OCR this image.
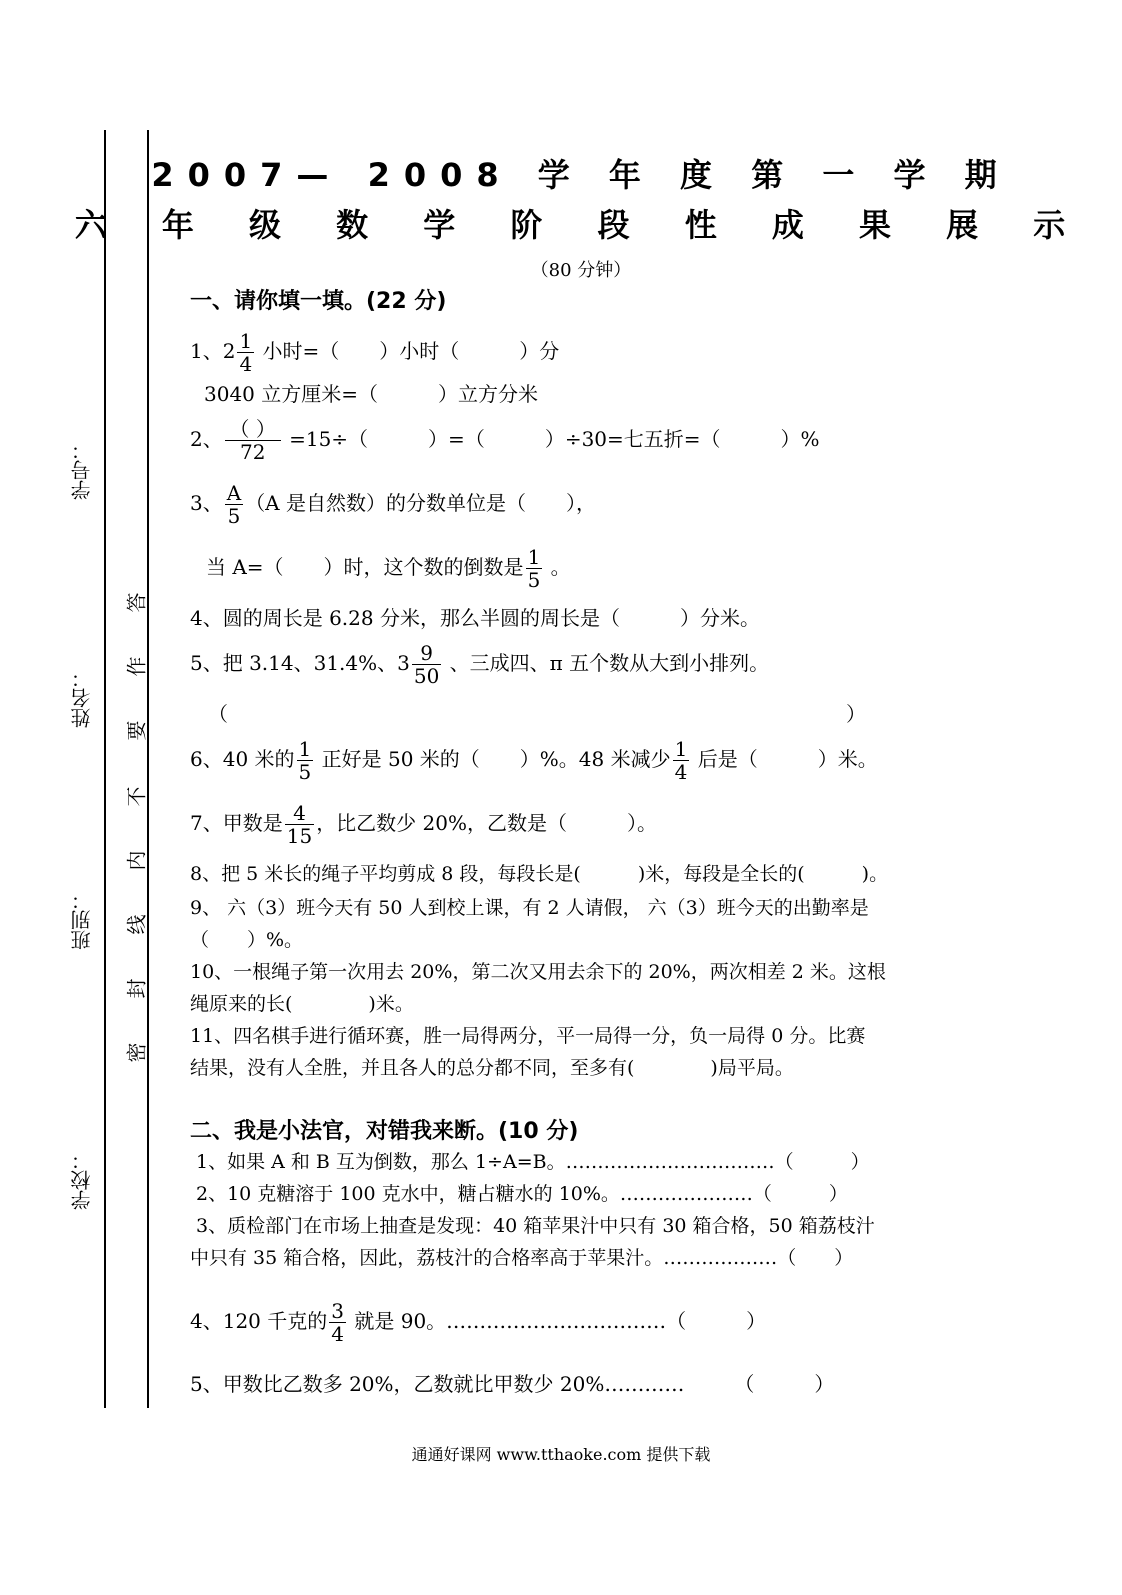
学号：
姓名：
班别：
学校：
答
作
要
不
内
线
封
密
2007— 2008 学 年 度 第 一 学 期
六 年 级 数 学 阶 段 性 成 果 展 示
（80 分钟）
一、请你填一填。(22 分)
1、$2 \frac{1}{4}$ 小时=（　　）小时（　　　）分
3040 立方厘米=（　　　）立方分米
2、 $\frac{( )}{72} =15\div$（　　　）=（　　　）÷30=七五折=（　　　）%
3、 $\frac{A}{5} (A$ 是自然数）的分数单位是（　　），
当 A=（　　）时，这个数的倒数是 $\frac{1}{5}$ 。
4、圆的周长是 6.28 分米，那么半圆的周长是（　　　）分米。
5、把 3.14、31.4%、$3 \frac{9}{50}$ 、三成四、π 五个数从大到小排列。
（	）
6、40 米的 $\frac{1}{5}$ 正好是 50 米的（　　）%。48 米减少 $\frac{1}{4}$ 后是（　　　）米。
7、甲数是 $\frac{4}{15}$ ，比乙数少 20%，乙数是（　　　）。
8、把 5 米长的绳子平均剪成 8 段，每段长是(　　　)米，每段是全长的(　　　)。
9、 六（3）班今天有 50 人到校上课，有 2 人请假， 六（3）班今天的出勤率是
（　　）%。
10、一根绳子第一次用去 20%，第二次又用去余下的 20%，两次相差 2 米。这根
绳原来的长(　　　　)米。
11、四名棋手进行循环赛，胜一局得两分，平一局得一分，负一局得 0 分。比赛
结果，没有人全胜，并且各人的总分都不同，至多有(　　　　)局平局。
二、我是小法官，对错我来断。(10 分)
1、如果 A 和 B 互为倒数，那么 1÷A=B。……………………………（　　　）
2、10 克糖溶于 100 克水中，糖占糖水的 10%。…………………（　　　）
3、质检部门在市场上抽查是发现：40 箱苹果汁中只有 30 箱合格，50 箱荔枝汁
中只有 35 箱合格，因此，荔枝汁的合格率高于苹果汁。………………（　　）
4、120 千克的 $\frac{3}{4}$ 就是 90。……………………………（　　　）
5、甲数比乙数多 20%，乙数就比甲数少 20%…………　　　（　　　）
通通好课网 www.tthaoke.com 提供下载
